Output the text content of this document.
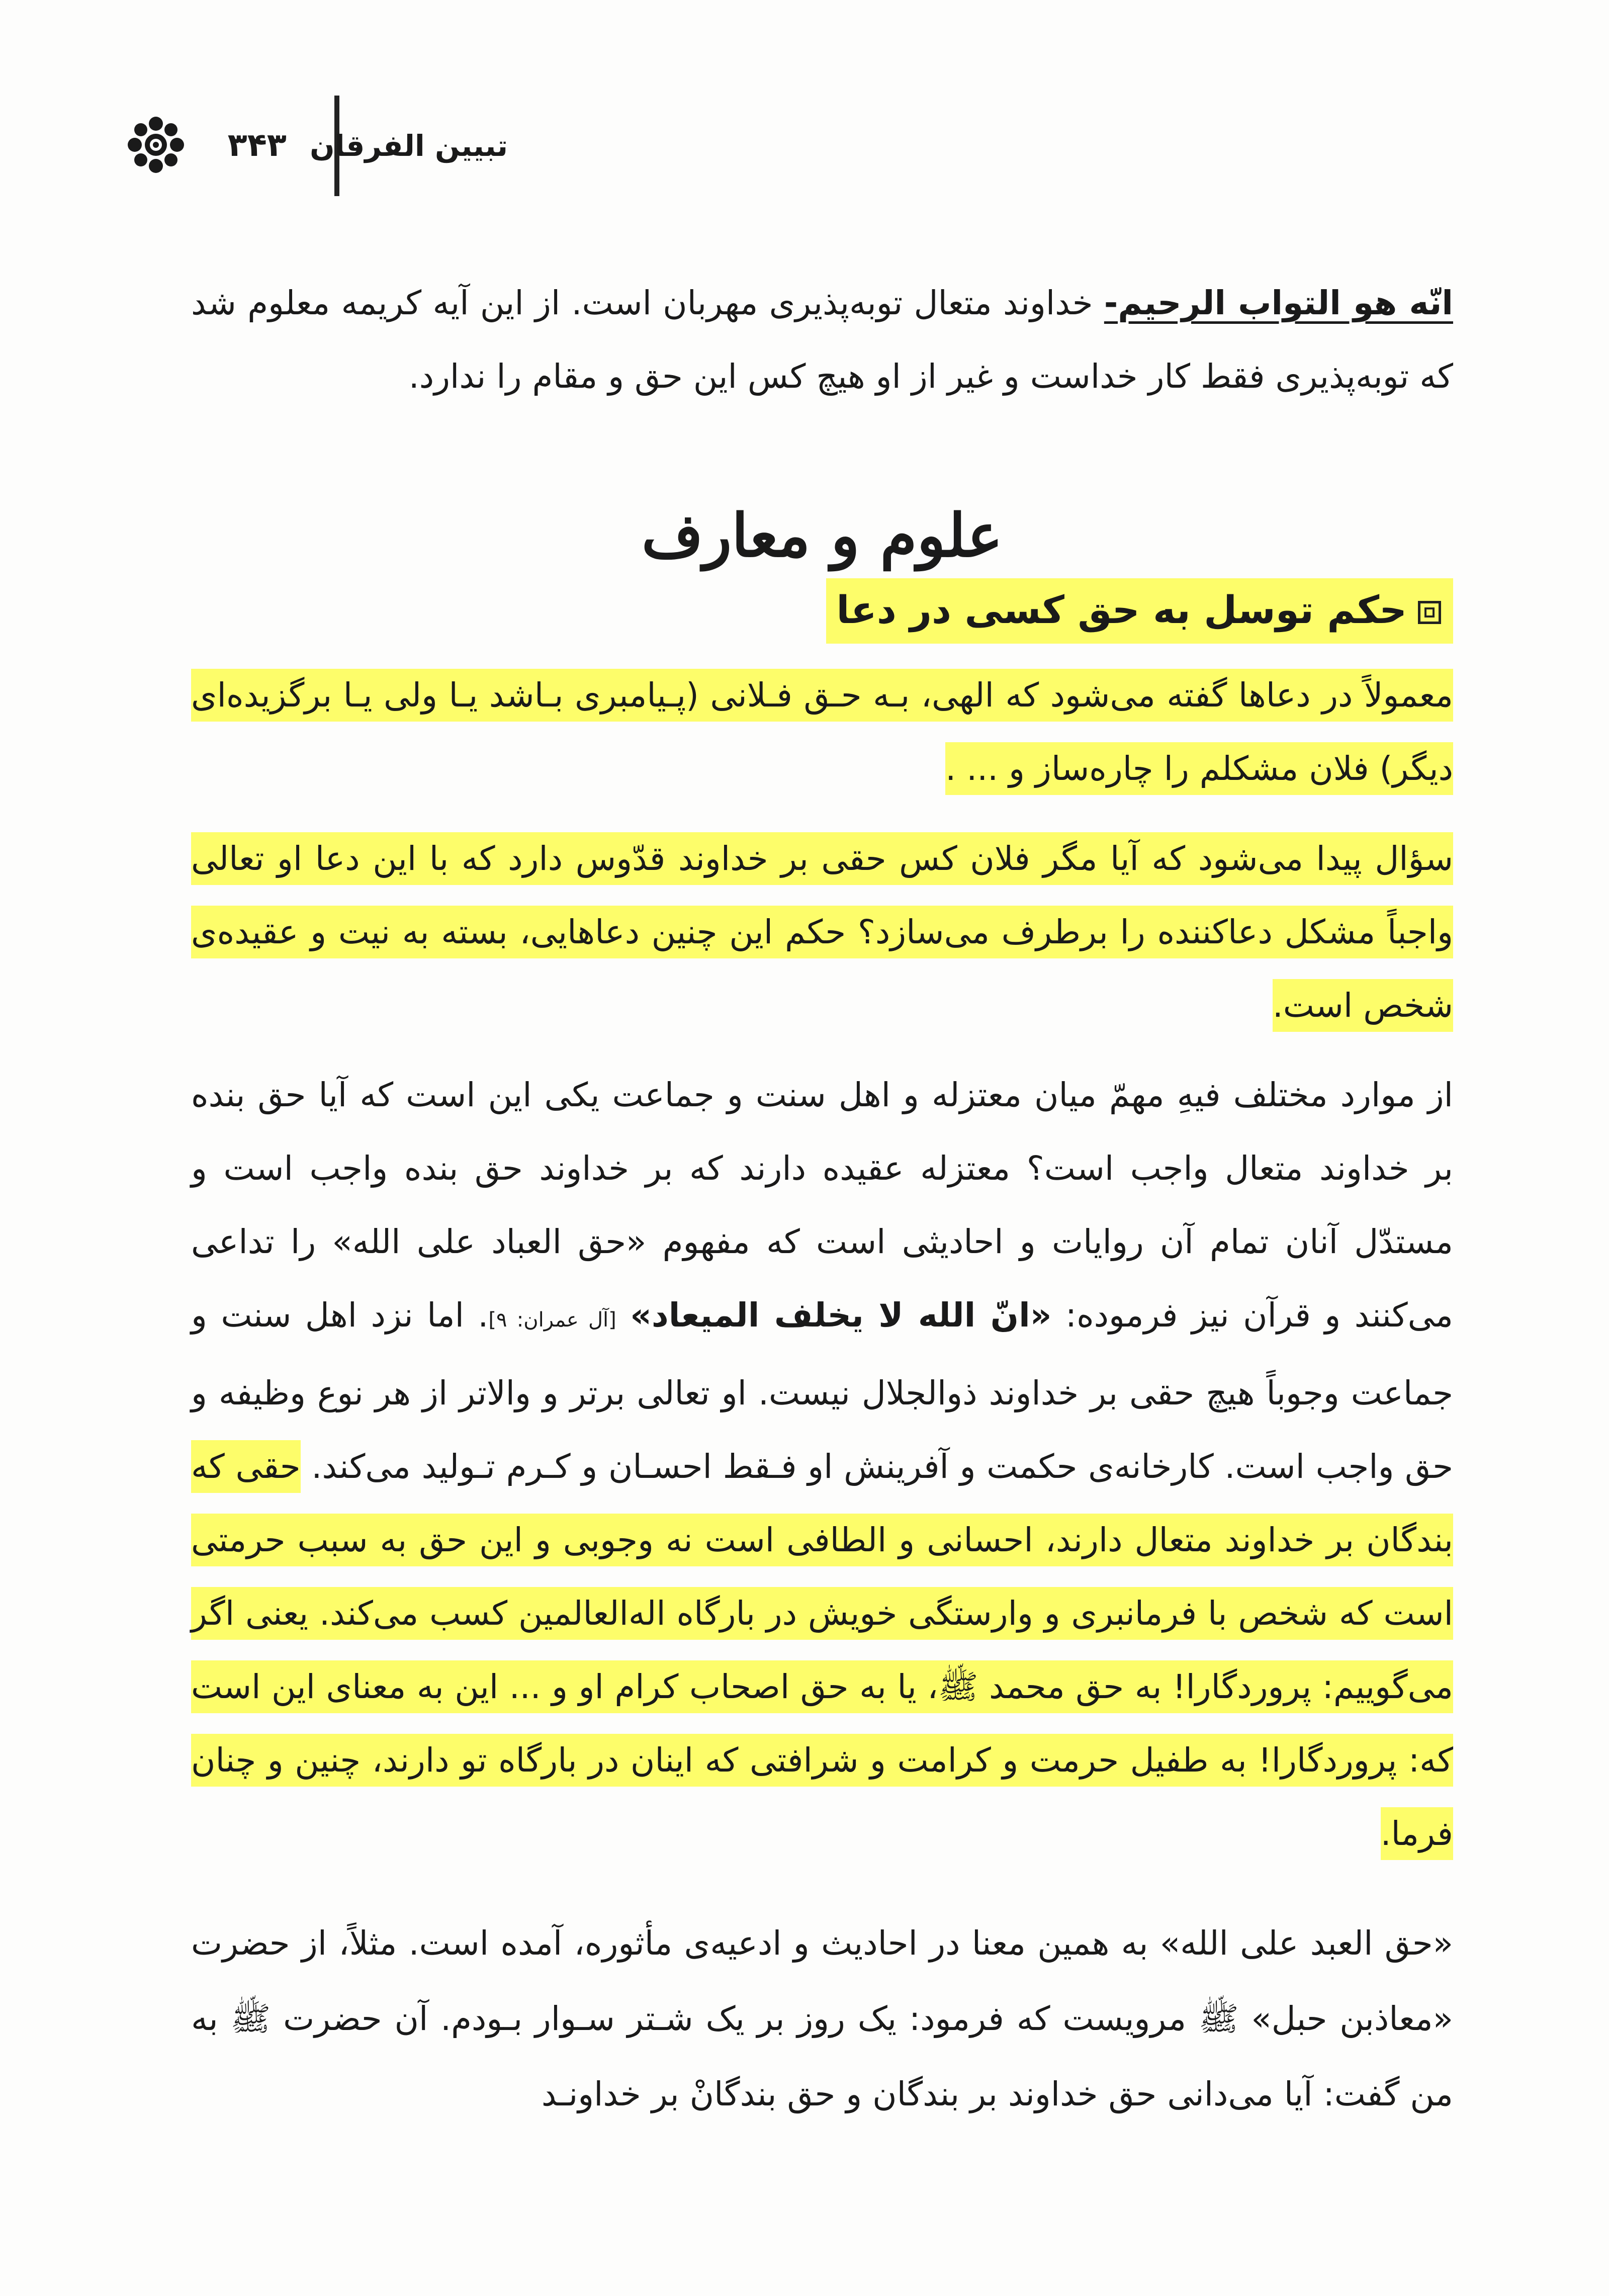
تبیین الفرقان ۳۴۳
انّه هو التواب الرحیم- خداوند متعال توبه‌پذیری مهربان است. از این آیه کریمه معلوم شد که توبه‌پذیری فقط کار خداست و غیر از او هیچ کس این حق و مقام را ندارد.
علوم و معارف
حکم توسل به حق کسی در دعا
معمولاً در دعاها گفته می‌شود که الهی، بـه حـق فـلانی (پـیامبری بـاشد یـا ولی یـا برگزیده‌ای دیگر) فلان مشکلم را چاره‌ساز و ... .
سؤال پیدا می‌شود که آیا مگر فلان کس حقی بر خداوند قدّوس دارد که با این دعا او تعالی واجباً مشکل دعاکننده را برطرف می‌سازد؟ حکم این چنین دعاهایی، بسته به نیت و عقیده‌ی شخص است.
از موارد مختلف فیهِ مهمّ میان معتزله و اهل سنت و جماعت یکی این است که آیا حق بنده بر خداوند متعال واجب است؟ معتزله عقیده دارند که بر خداوند حق بنده واجب است و مستدّل آنان تمام آن روایات و احادیثی است که مفهوم «حق العباد علی الله» را تداعی می‌کنند و قرآن نیز فرموده: «انّ الله لا یخلف المیعاد» [آل عمران: ۹]. اما نزد اهل سنت و جماعت وجوباً هیچ حقی بر خداوند ذوالجلال نیست. او تعالی برتر و والاتر از هر نوع وظیفه و حق واجب است. کارخانه‌ی حکمت و آفرینش او فـقط احسـان و کـرم تـولید می‌کند. حقی که بندگان بر خداوند متعال دارند، احسانی و الطافی است نه وجوبی و این حق به سبب حرمتی است که شخص با فرمانبری و وارستگی خویش در بارگاه اله‌العالمین کسب می‌کند. یعنی اگر می‌گوییم: پروردگارا! به حق محمد ﷺ، یا به حق اصحاب کرام او و ... این به معنای این است که: پروردگارا! به طفیل حرمت و کرامت و شرافتی که اینان در بارگاه تو دارند، چنین و چنان فرما.
«حق العبد علی الله» به همین معنا در احادیث و ادعیه‌ی مأثوره، آمده است. مثلاً، از حضرت «معاذبن حبل» ﷺ مرویست که فرمود: یک روز بر یک شـتر سـوار بـودم. آن حضرت ﷺ به من گفت: آیا می‌دانی حق خداوند بر بندگان و حق بندگانْ بر خداونـد
